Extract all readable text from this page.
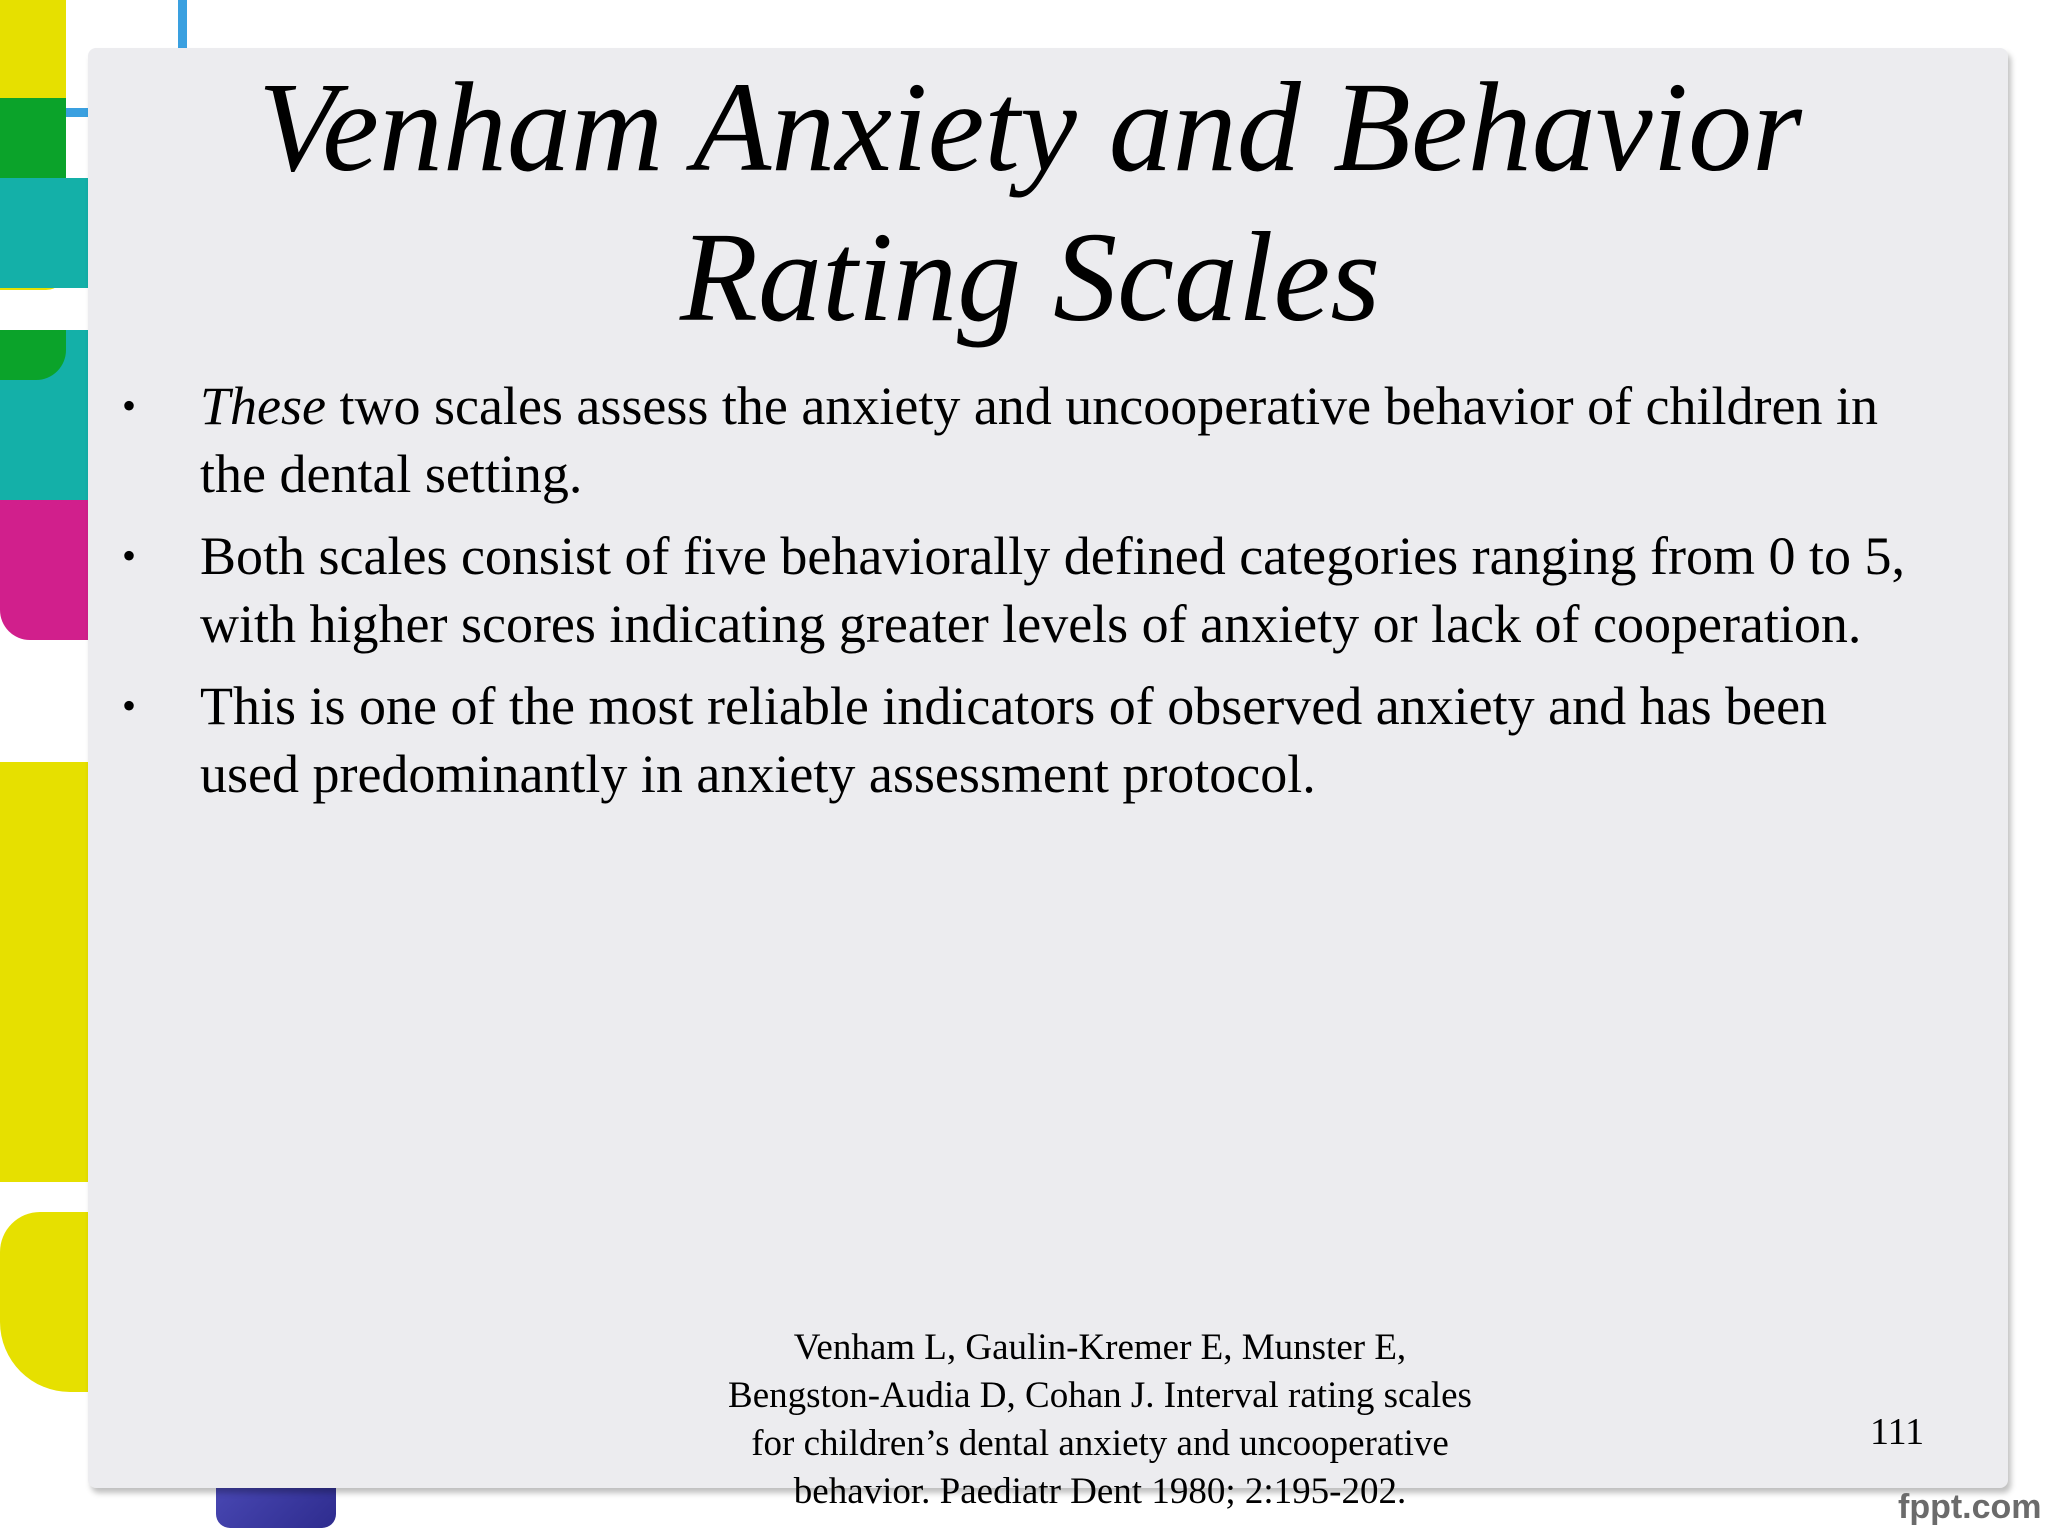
Venham Anxiety and Behavior Rating Scales
• These two scales assess the anxiety and uncooperative behavior of children in the dental setting.
• Both scales consist of five behaviorally defined categories ranging from 0 to 5, with higher scores indicating greater levels of anxiety or lack of cooperation.
• This is one of the most reliable indicators of observed anxiety and has been used predominantly in anxiety assessment protocol.
Venham L, Gaulin-Kremer E, Munster E, Bengston-Audia D, Cohan J. Interval rating scales for children’s dental anxiety and uncooperative behavior. Paediatr Dent 1980; 2:195-202.
111
fppt.com
